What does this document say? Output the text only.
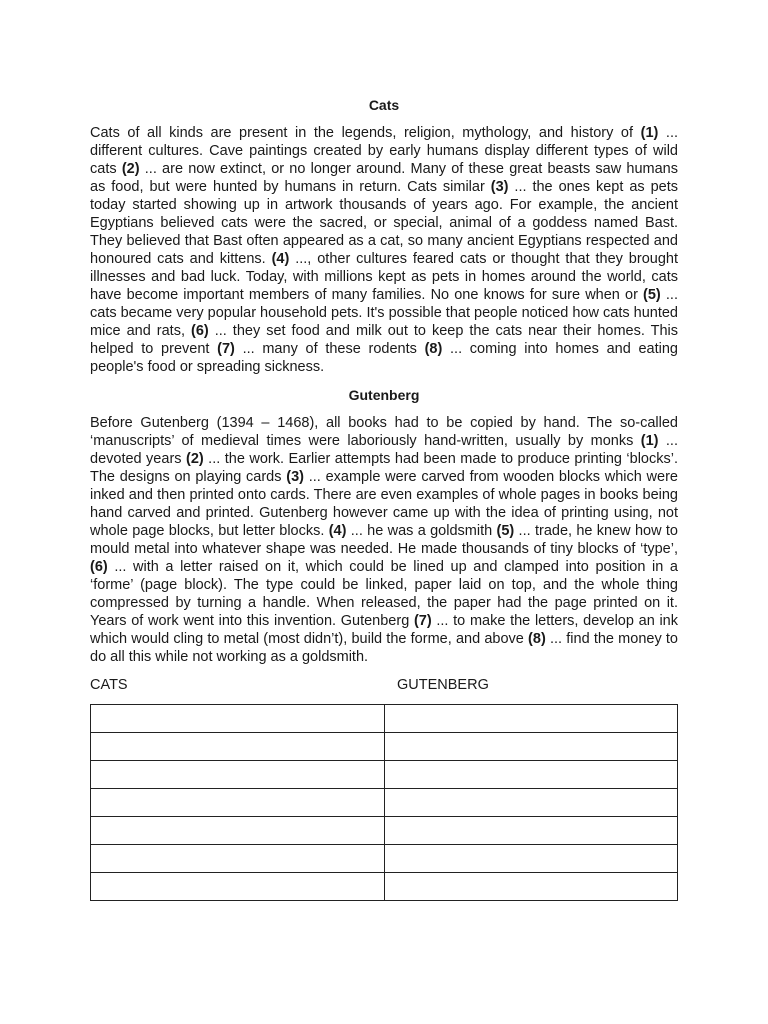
Cats

Cats of all kinds are present in the legends, religion, mythology, and history of (1) ... different cultures. Cave paintings created by early humans display different types of wild cats (2) ... are now extinct, or no longer around. Many of these great beasts saw humans as food, but were hunted by humans in return. Cats similar (3) ... the ones kept as pets today started showing up in artwork thousands of years ago. For example, the ancient Egyptians believed cats were the sacred, or special, animal of a goddess named Bast. They believed that Bast often appeared as a cat, so many ancient Egyptians respected and honoured cats and kittens. (4) ..., other cultures feared cats or thought that they brought illnesses and bad luck. Today, with millions kept as pets in homes around the world, cats have become important members of many families. No one knows for sure when or (5) ... cats became very popular household pets. It's possible that people noticed how cats hunted mice and rats, (6) ... they set food and milk out to keep the cats near their homes. This helped to prevent (7) ... many of these rodents (8) ... coming into homes and eating people's food or spreading sickness.

Gutenberg

Before Gutenberg (1394 – 1468), all books had to be copied by hand. The so-called ‘manuscripts’ of medieval times were laboriously hand-written, usually by monks (1) ... devoted years (2) ... the work. Earlier attempts had been made to produce printing ‘blocks’. The designs on playing cards (3) ... example were carved from wooden blocks which were inked and then printed onto cards. There are even examples of whole pages in books being hand carved and printed. Gutenberg however came up with the idea of printing using, not whole page blocks, but letter blocks. (4) ... he was a goldsmith (5) ... trade, he knew how to mould metal into whatever shape was needed. He made thousands of tiny blocks of ‘type’, (6) ... with a letter raised on it, which could be lined up and clamped into position in a ‘forme’ (page block). The type could be linked, paper laid on top, and the whole thing compressed by turning a handle. When released, the paper had the page printed on it. Years of work went into this invention. Gutenberg (7) ... to make the letters, develop an ink which would cling to metal (most didn’t), build the forme, and above (8) ... find the money to do all this while not working as a goldsmith.

CATS	GUTENBERG
